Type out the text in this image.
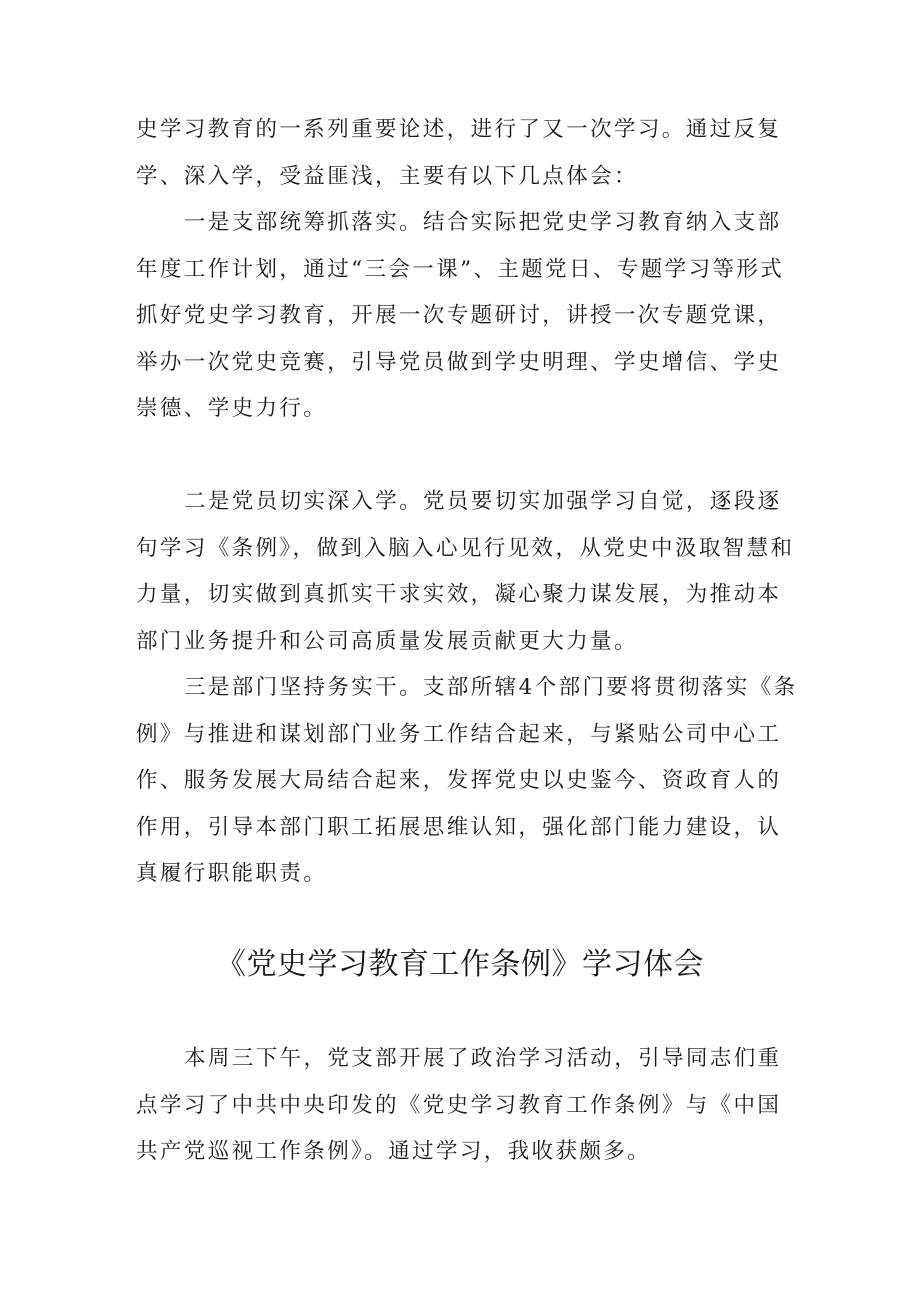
史学习教育的一系列重要论述，进行了又一次学习。通过反复学、深入学，受益匪浅，主要有以下几点体会：

一是支部统筹抓落实。结合实际把党史学习教育纳入支部年度工作计划，通过“三会一课”、主题党日、专题学习等形式抓好党史学习教育，开展一次专题研讨，讲授一次专题党课，举办一次党史竞赛，引导党员做到学史明理、学史增信、学史崇德、学史力行。

二是党员切实深入学。党员要切实加强学习自觉，逐段逐句学习《条例》，做到入脑入心见行见效，从党史中汲取智慧和力量，切实做到真抓实干求实效，凝心聚力谋发展，为推动本部门业务提升和公司高质量发展贡献更大力量。

三是部门坚持务实干。支部所辖4个部门要将贯彻落实《条例》与推进和谋划部门业务工作结合起来，与紧贴公司中心工作、服务发展大局结合起来，发挥党史以史鉴今、资政育人的作用，引导本部门职工拓展思维认知，强化部门能力建设，认真履行职能职责。

《党史学习教育工作条例》学习体会

本周三下午，党支部开展了政治学习活动，引导同志们重点学习了中共中央印发的《党史学习教育工作条例》与《中国共产党巡视工作条例》。通过学习，我收获颇多。
